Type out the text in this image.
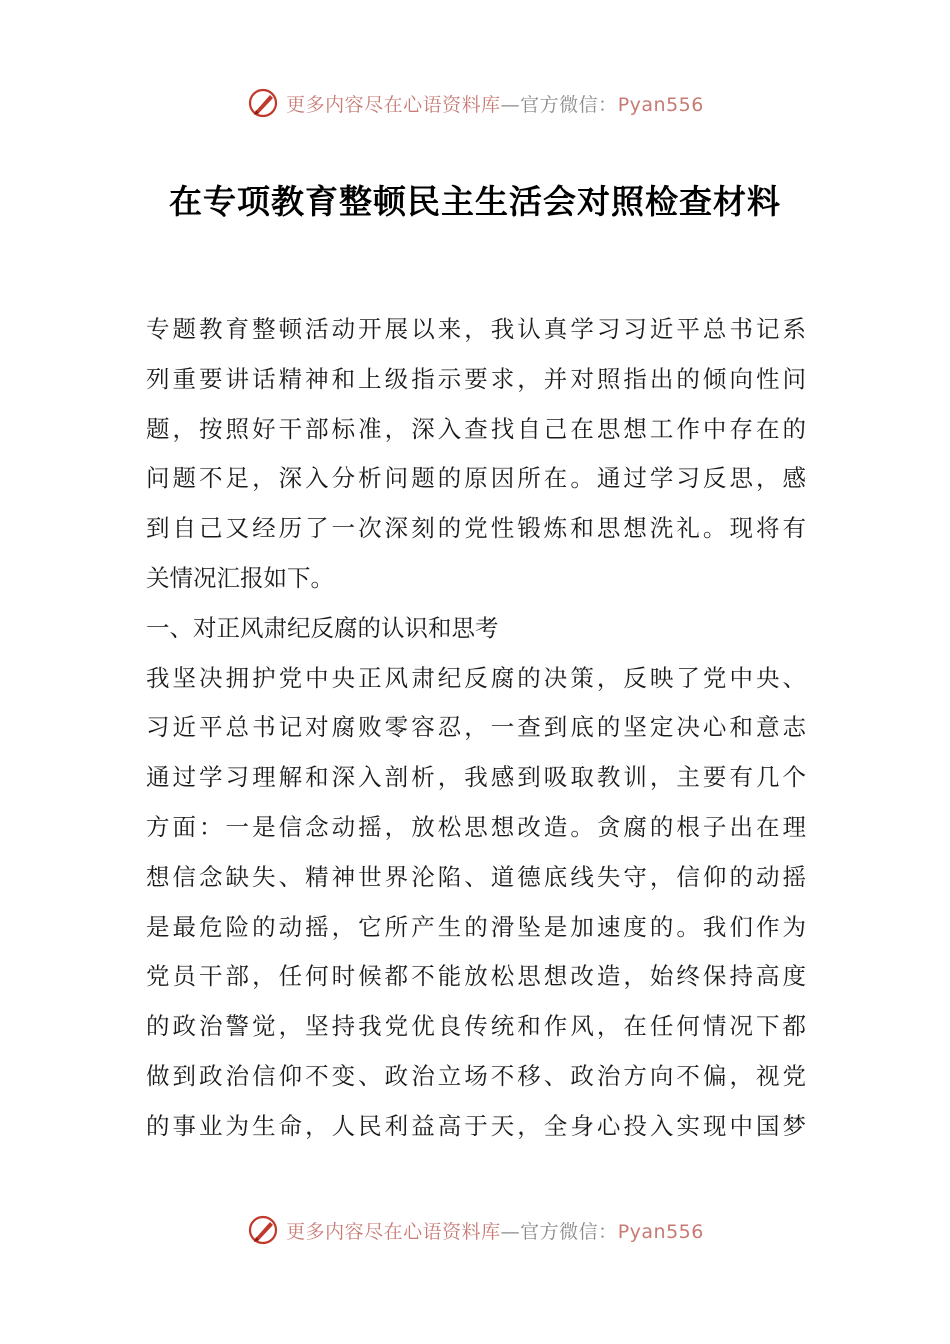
更多内容尽在心语资料库—官方微信：Pyan556
在专项教育整顿民主生活会对照检查材料
专题教育整顿活动开展以来，我认真学习习近平总书记系
列重要讲话精神和上级指示要求，并对照指出的倾向性问
题，按照好干部标准，深入查找自己在思想工作中存在的
问题不足，深入分析问题的原因所在。通过学习反思，感
到自己又经历了一次深刻的党性锻炼和思想洗礼。现将有
关情况汇报如下。
一、对正风肃纪反腐的认识和思考
我坚决拥护党中央正风肃纪反腐的决策，反映了党中央、
习近平总书记对腐败零容忍，一查到底的坚定决心和意志
通过学习理解和深入剖析，我感到吸取教训，主要有几个
方面：一是信念动摇，放松思想改造。贪腐的根子出在理
想信念缺失、精神世界沦陷、道德底线失守，信仰的动摇
是最危险的动摇，它所产生的滑坠是加速度的。我们作为
党员干部，任何时候都不能放松思想改造，始终保持高度
的政治警觉，坚持我党优良传统和作风，在任何情况下都
做到政治信仰不变、政治立场不移、政治方向不偏，视党
的事业为生命，人民利益高于天，全身心投入实现中国梦
更多内容尽在心语资料库—官方微信：Pyan556
